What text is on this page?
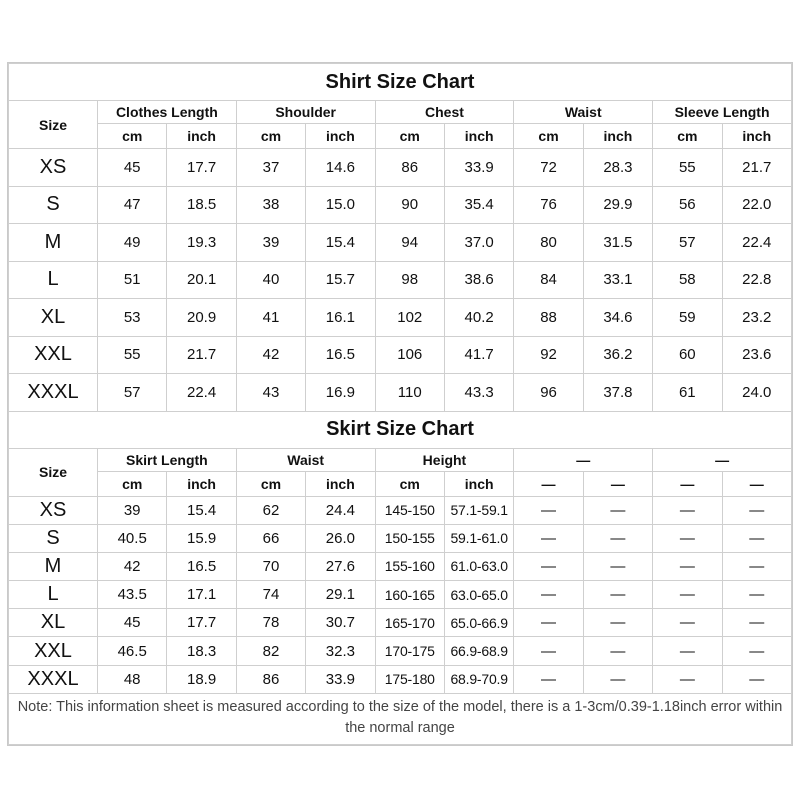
Shirt Size Chart										
Size	Clothes Length		Shoulder		Chest		Waist		Sleeve Length	
	cm	inch	cm	inch	cm	inch	cm	inch	cm	inch
XS	45	17.7	37	14.6	86	33.9	72	28.3	55	21.7
S	47	18.5	38	15.0	90	35.4	76	29.9	56	22.0
M	49	19.3	39	15.4	94	37.0	80	31.5	57	22.4
L	51	20.1	40	15.7	98	38.6	84	33.1	58	22.8
XL	53	20.9	41	16.1	102	40.2	88	34.6	59	23.2
XXL	55	21.7	42	16.5	106	41.7	92	36.2	60	23.6
XXXL	57	22.4	43	16.9	110	43.3	96	37.8	61	24.0
Skirt Size Chart										
Size	Skirt Length		Waist		Height		—		—	
	cm	inch	cm	inch	cm	inch	—	—	—	—
XS	39	15.4	62	24.4	145-150	57.1-59.1	—	—	—	—
S	40.5	15.9	66	26.0	150-155	59.1-61.0	—	—	—	—
M	42	16.5	70	27.6	155-160	61.0-63.0	—	—	—	—
L	43.5	17.1	74	29.1	160-165	63.0-65.0	—	—	—	—
XL	45	17.7	78	30.7	165-170	65.0-66.9	—	—	—	—
XXL	46.5	18.3	82	32.3	170-175	66.9-68.9	—	—	—	—
XXXL	48	18.9	86	33.9	175-180	68.9-70.9	—	—	—	—
Note: This information sheet is measured according to the size of the model, there is a 1-3cm/0.39-1.18inch error within the normal range										
